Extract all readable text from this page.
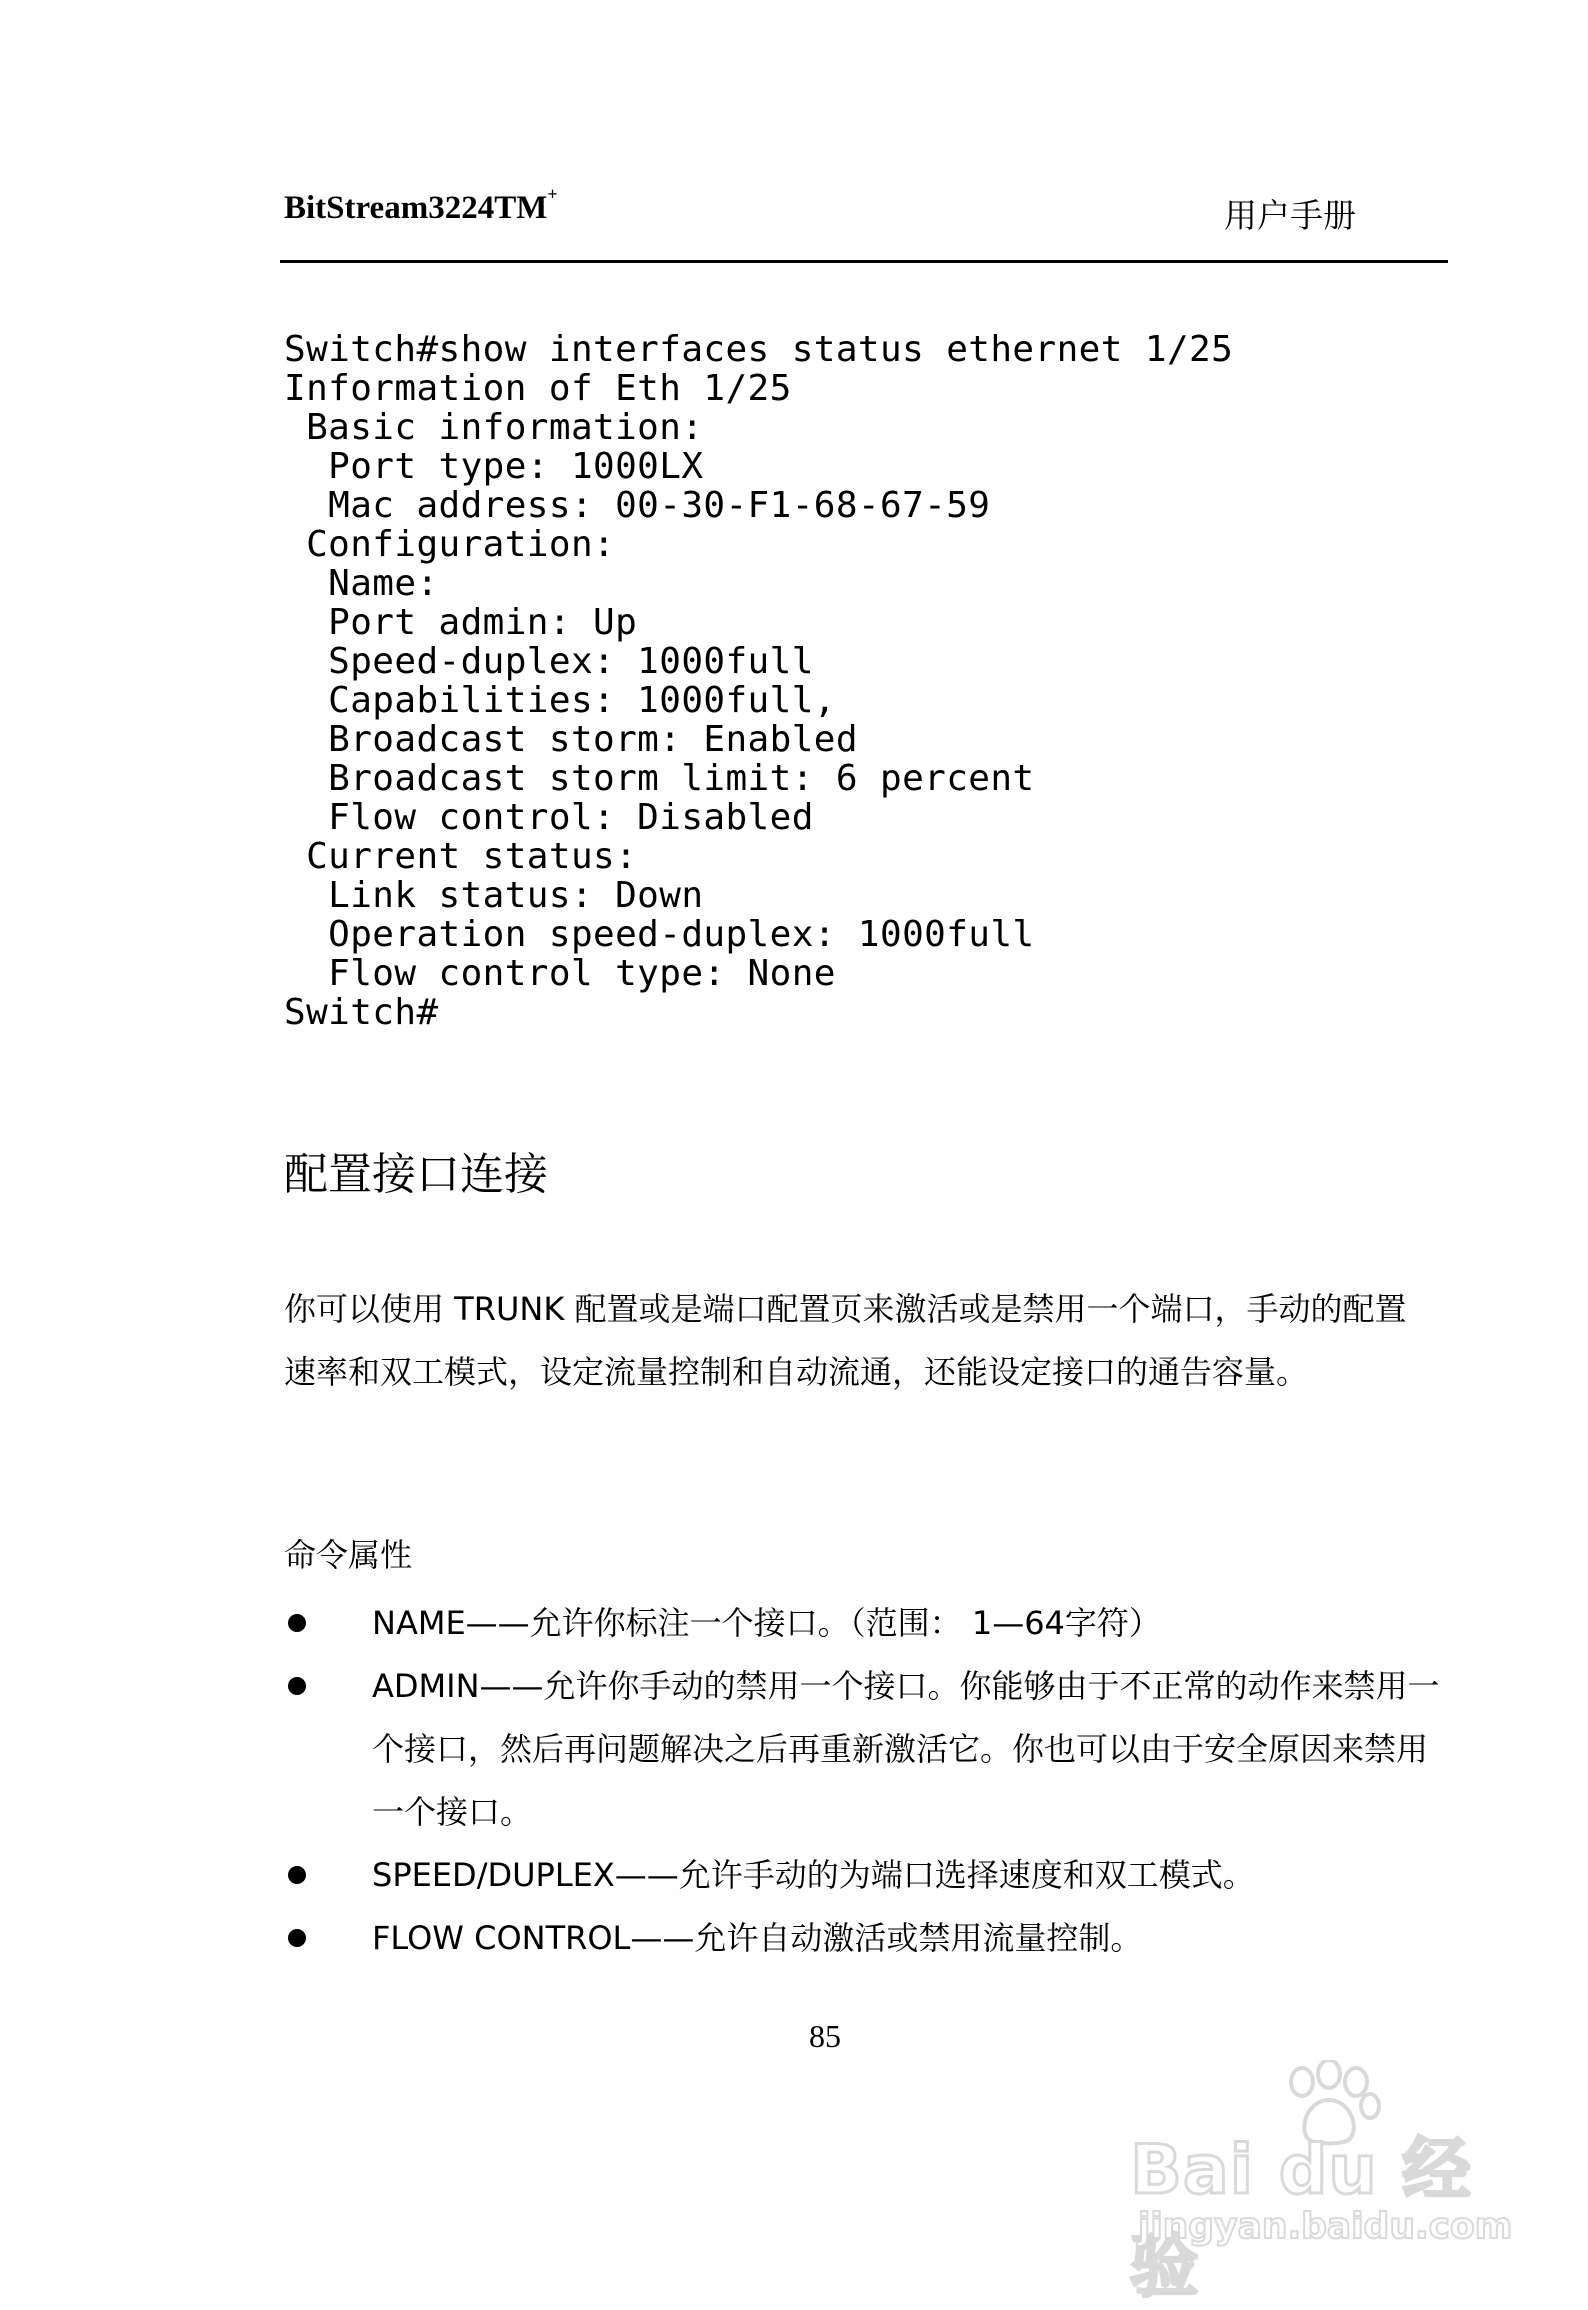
BitStream3224TM+
用户手册
Switch#show interfaces status ethernet 1/25
Information of Eth 1/25
Basic information:
Port type: 1000LX
Mac address: 00-30-F1-68-67-59
Configuration:
Name:
Port admin: Up
Speed-duplex: 1000full
Capabilities: 1000full,
Broadcast storm: Enabled
Broadcast storm limit: 6 percent
Flow control: Disabled
Current status:
Link status: Down
Operation speed-duplex: 1000full
Flow control type: None
Switch#
配置接口连接
你可以使用 TRUNK 配置或是端口配置页来激活或是禁用一个端口，手动的配置速率和双工模式，设定流量控制和自动流通，还能设定接口的通告容量。
命令属性
NAME——允许你标注一个接口。（范围： 1—64字符）
ADMIN——允许你手动的禁用一个接口。你能够由于不正常的动作来禁用一个接口，然后再问题解决之后再重新激活它。你也可以由于安全原因来禁用一个接口。
SPEED/DUPLEX——允许手动的为端口选择速度和双工模式。
FLOW CONTROL——允许自动激活或禁用流量控制。
85
Bai du 经验
jingyan.baidu.com
